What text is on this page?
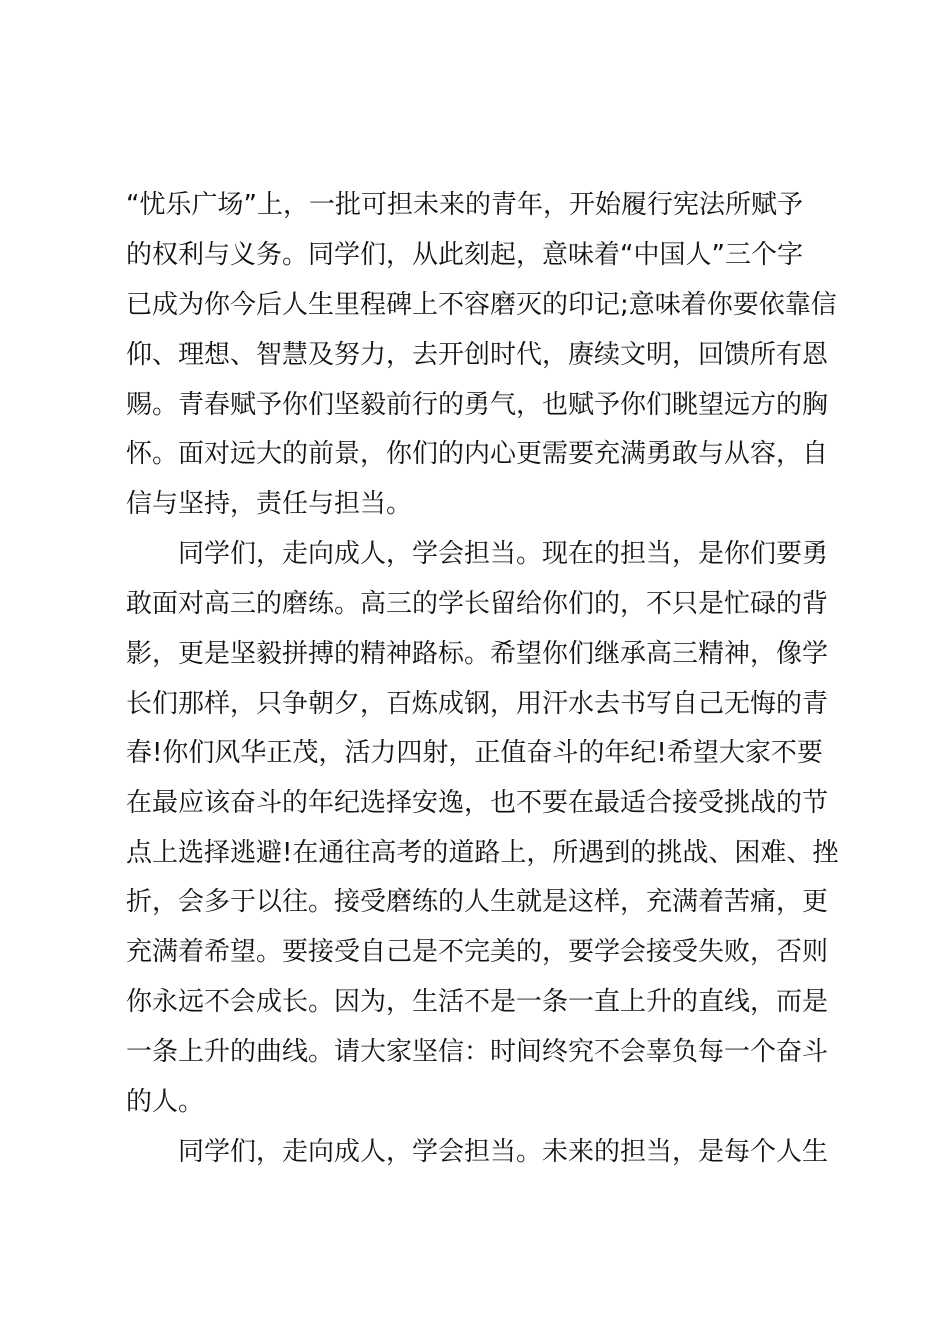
“忧乐广场”上，一批可担未来的青年，开始履行宪法所赋予
的权利与义务。同学们，从此刻起，意味着“中国人”三个字
已成为你今后人生里程碑上不容磨灭的印记;意味着你要依靠信
仰、理想、智慧及努力，去开创时代，赓续文明，回馈所有恩
赐。青春赋予你们坚毅前行的勇气，也赋予你们眺望远方的胸
怀。面对远大的前景，你们的内心更需要充满勇敢与从容，自
信与坚持，责任与担当。
　　同学们，走向成人，学会担当。现在的担当，是你们要勇
敢面对高三的磨练。高三的学长留给你们的，不只是忙碌的背
影，更是坚毅拼搏的精神路标。希望你们继承高三精神，像学
长们那样，只争朝夕，百炼成钢，用汗水去书写自己无悔的青
春!你们风华正茂，活力四射，正值奋斗的年纪!希望大家不要
在最应该奋斗的年纪选择安逸，也不要在最适合接受挑战的节
点上选择逃避!在通往高考的道路上，所遇到的挑战、困难、挫
折，会多于以往。接受磨练的人生就是这样，充满着苦痛，更
充满着希望。要接受自己是不完美的，要学会接受失败，否则
你永远不会成长。因为，生活不是一条一直上升的直线，而是
一条上升的曲线。请大家坚信：时间终究不会辜负每一个奋斗
的人。
　　同学们，走向成人，学会担当。未来的担当，是每个人生
